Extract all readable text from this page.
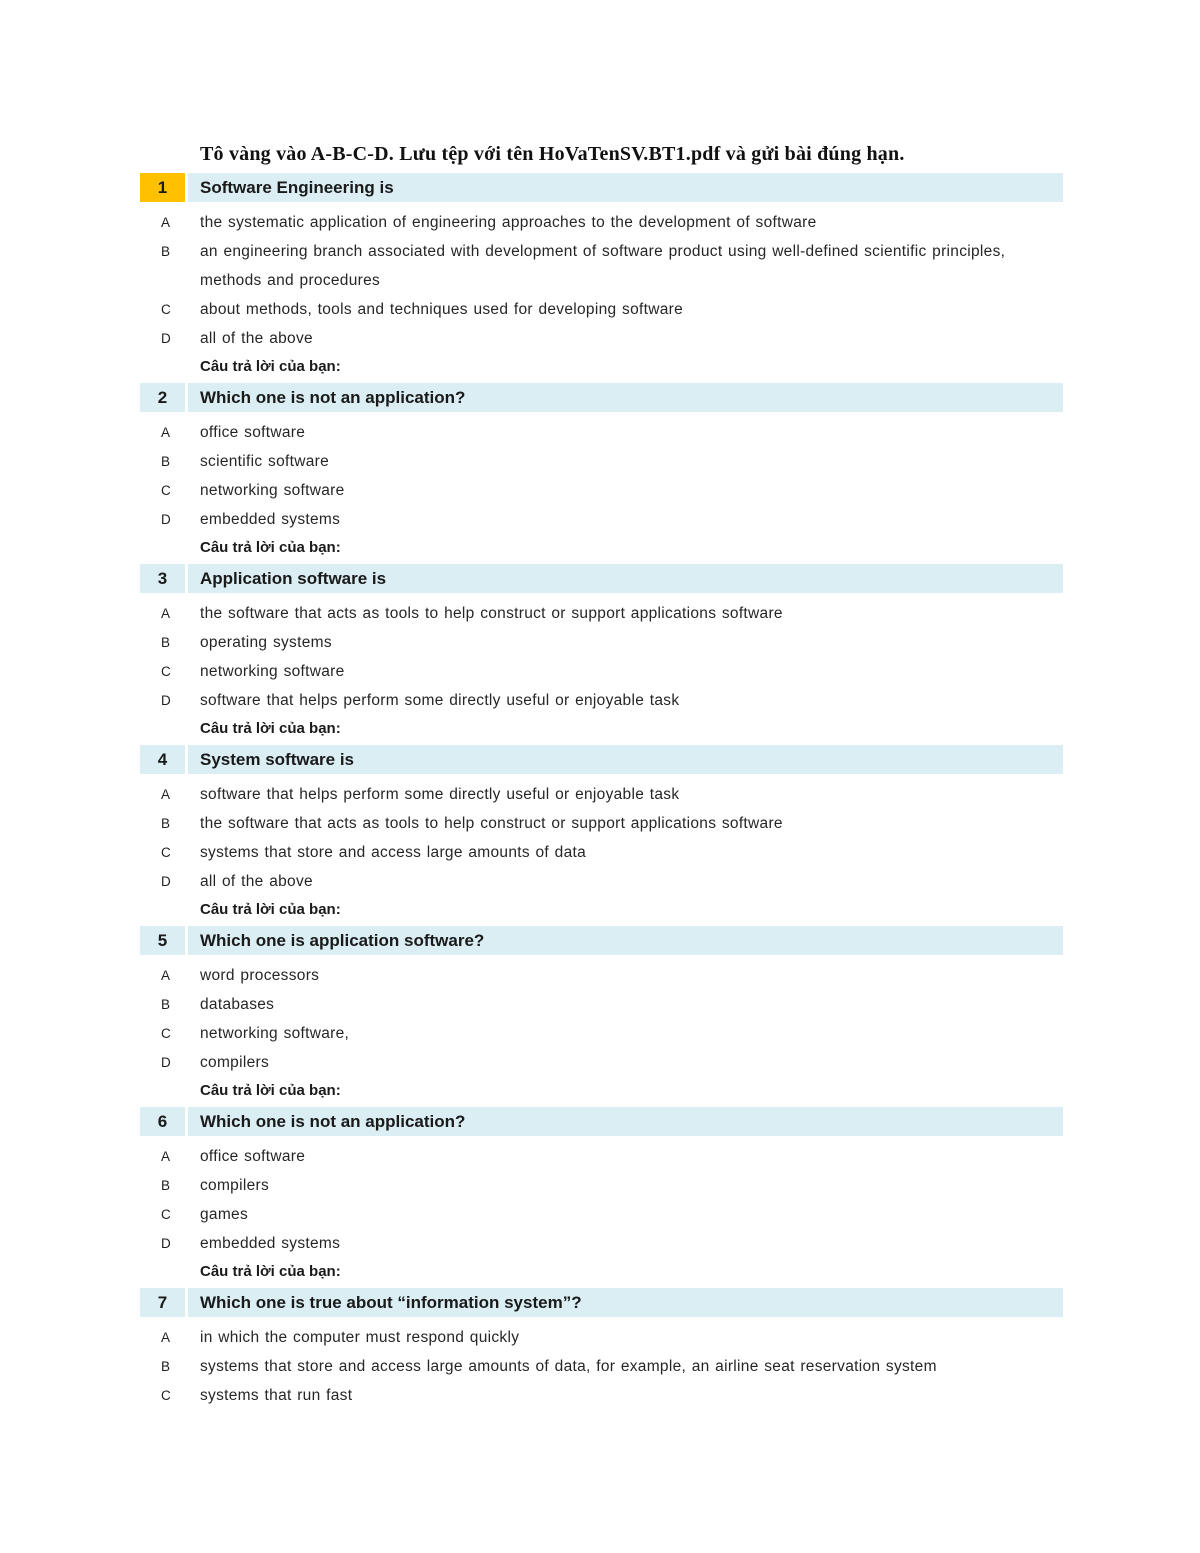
Tô vàng vào A-B-C-D. Lưu tệp với tên HoVaTenSV.BT1.pdf và gửi bài đúng hạn.
1	Software Engineering is
A	the systematic application of engineering approaches to the development of software
B	an engineering branch associated with development of software product using well-defined scientific principles, methods and procedures
C	about methods, tools and techniques used for developing software
D	all of the above
Câu trả lời của bạn:
2	Which one is not an application?
A	office software
B	scientific software
C	networking software
D	embedded systems
Câu trả lời của bạn:
3	Application software is
A	the software that acts as tools to help construct or support applications software
B	operating systems
C	networking software
D	software that helps perform some directly useful or enjoyable task
Câu trả lời của bạn:
4	System software is
A	software that helps perform some directly useful or enjoyable task
B	the software that acts as tools to help construct or support applications software
C	systems that store and access large amounts of data
D	all of the above
Câu trả lời của bạn:
5	Which one is application software?
A	word processors
B	databases
C	networking software,
D	compilers
Câu trả lời của bạn:
6	Which one is not an application?
A	office software
B	compilers
C	games
D	embedded systems
Câu trả lời của bạn:
7	Which one is true about “information system”?
A	in which the computer must respond quickly
B	systems that store and access large amounts of data, for example, an airline seat reservation system
C	systems that run fast
